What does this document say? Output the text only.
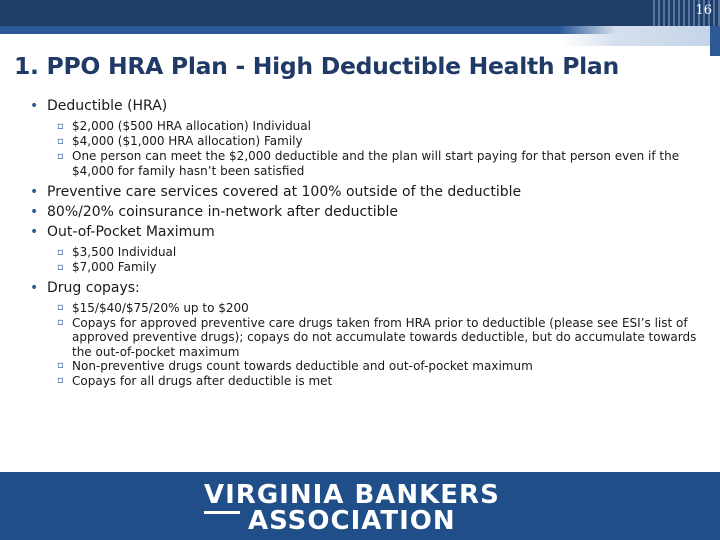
16
1. PPO HRA Plan - High Deductible Health Plan
• Deductible (HRA)
▫ $2,000 ($500 HRA allocation) Individual
▫ $4,000 ($1,000 HRA allocation) Family
▫ One person can meet the $2,000 deductible and the plan will start paying for that person even if the $4,000 for family hasn’t been satisfied
• Preventive care services covered at 100% outside of the deductible
• 80%/20% coinsurance in-network after deductible
• Out-of-Pocket Maximum
▫ $3,500 Individual
▫ $7,000 Family
• Drug copays:
▫ $15/$40/$75/20% up to $200
▫ Copays for approved preventive care drugs taken from HRA prior to deductible (please see ESI’s list of approved preventive drugs); copays do not accumulate towards deductible, but do accumulate towards the out-of-pocket maximum
▫ Non-preventive drugs count towards deductible and out-of-pocket maximum
▫ Copays for all drugs after deductible is met
VIRGINIA BANKERS
ASSOCIATION
